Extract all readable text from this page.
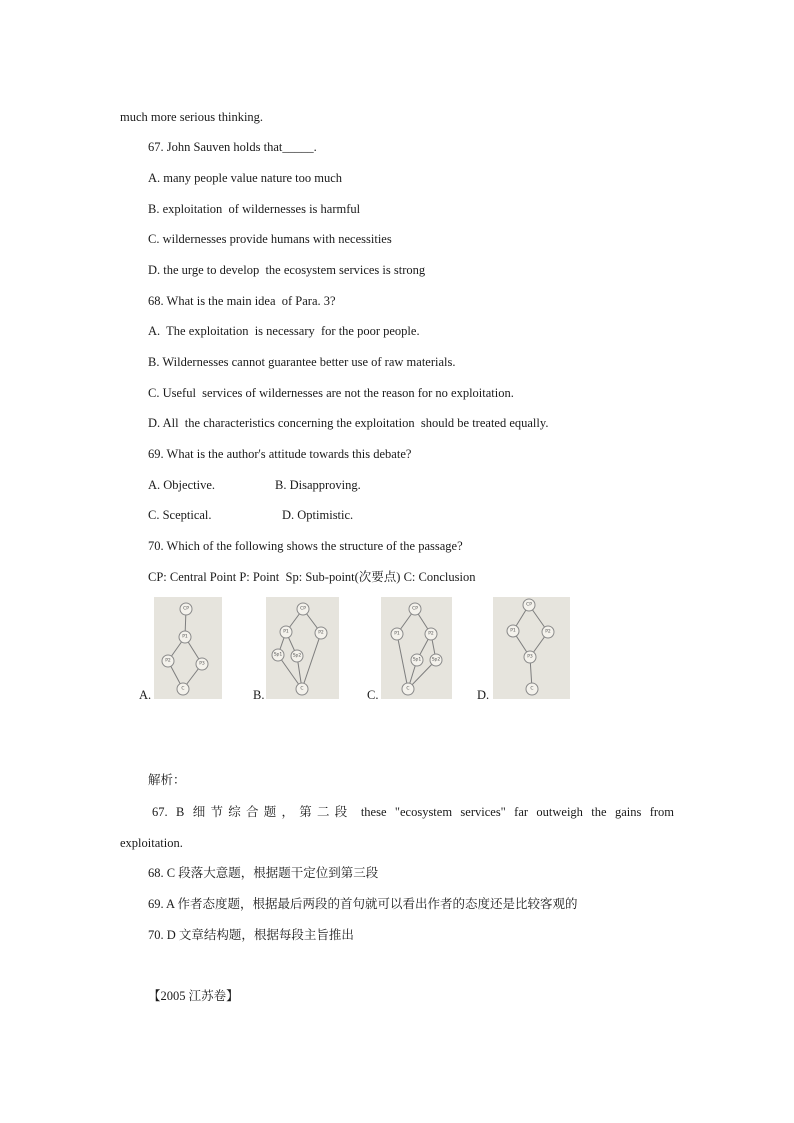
much more serious thinking.
67. John Sauven holds that_____.
A. many people value nature too much
B. exploitation  of wildernesses is harmful
C. wildernesses provide humans with necessities
D. the urge to develop  the ecosystem services is strong
68. What is the main idea  of Para. 3?
A.  The exploitation  is necessary  for the poor people.
B. Wildernesses cannot guarantee better use of raw materials.
C. Useful  services of wildernesses are not the reason for no exploitation.
D. All  the characteristics concerning the exploitation  should be treated equally.
69. What is the author's attitude towards this debate?
A. Objective.	B. Disapproving.
C. Sceptical.	D. Optimistic.
70. Which of the following shows the structure of the passage?
CP: Central Point P: Point  Sp: Sub-point(次要点) C: Conclusion
A.
CP
P1
P2
P3
C	B.
CP
P1	P2
Sp1 Sp2
C	C.
CP
P1	P2
Sp1 Sp2
C	D.
CP
P1	P2
P3
C
解析：
67. B 细节综合题，第二段 these "ecosystem services" far outweigh the gains from
exploitation.
68. C 段落大意题，根据题干定位到第三段
69. A 作者态度题，根据最后两段的首句就可以看出作者的态度还是比较客观的
70. D 文章结构题，根据每段主旨推出
【2005 江苏卷】
